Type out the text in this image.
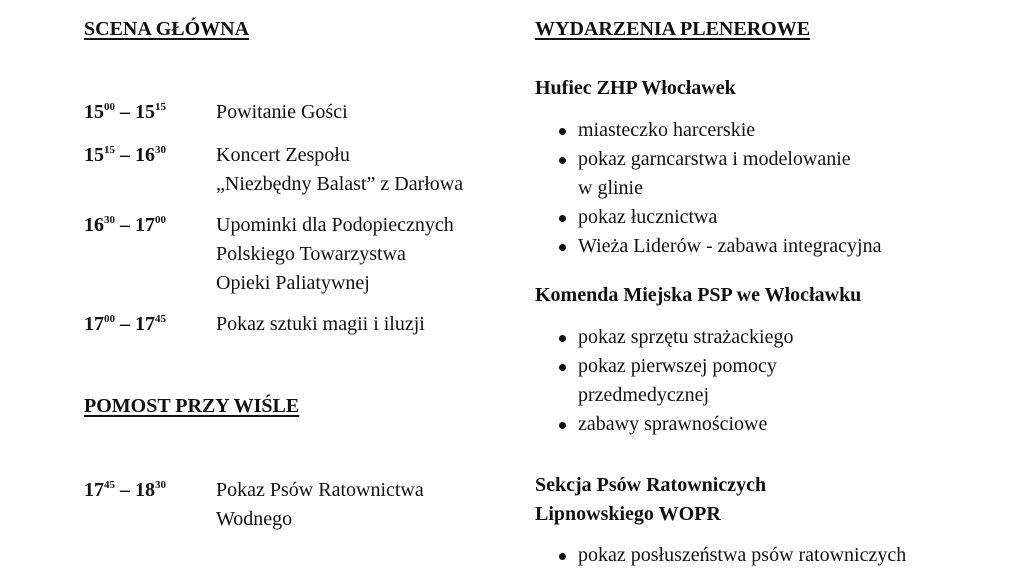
SCENA GŁÓWNA
$15^{00} - 15^{15}$	Powitanie Gości
$15^{15} - 16^{30}$	Koncert Zespołu
„Niezbędny Balast” z Darłowa
$16^{30} - 17^{00}$	Upominki dla Podopiecznych
Polskiego Towarzystwa
Opieki Paliatywnej
$17^{00} - 17^{45}$	Pokaz sztuki magii i iluzji
POMOST PRZY WIŚLE
$17^{45} - 18^{30}$	Pokaz Psów Ratownictwa
Wodnego
WYDARZENIA PLENEROWE
Hufiec ZHP Włocławek
miasteczko harcerskie
pokaz garncarstwa i modelowanie
w glinie
pokaz łucznictwa
Wieża Liderów - zabawa integracyjna
Komenda Miejska PSP we Włocławku
pokaz sprzętu strażackiego
pokaz pierwszej pomocy
przedmedycznej
zabawy sprawnościowe
Sekcja Psów Ratowniczych
Lipnowskiego WOPR
pokaz posłuszeństwa psów ratowniczych
